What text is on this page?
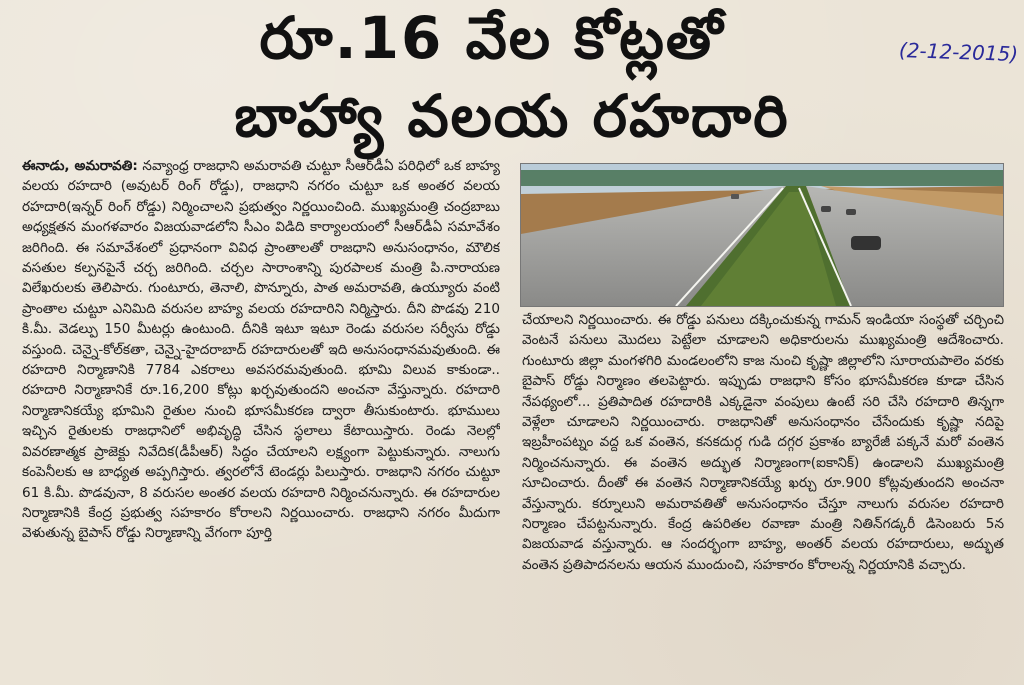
రూ.16 వేల కోట్లతో
బాహ్యా వలయ రహదారి
(2-12-2015)

ఈనాడు, అమరావతి: నవ్యాంధ్ర రాజధాని అమరావతి చుట్టూ సీఆర్‌డీఏ పరిధిలో ఒక బాహ్య వలయ రహదారి (అవుటర్ రింగ్ రోడ్డు), రాజధాని నగరం చుట్టూ ఒక అంతర వలయ రహదారి(ఇన్నర్ రింగ్ రోడ్డు) నిర్మించాలని ప్రభుత్వం నిర్ణయించింది. ముఖ్యమంత్రి చంద్రబాబు అధ్యక్షతన మంగళవారం విజయవాడలోని సీఎం విడిది కార్యాలయంలో సీఆర్‌డీఏ సమావేశం జరిగింది. ఈ సమావేశంలో ప్రధానంగా వివిధ ప్రాంతాలతో రాజధాని అనుసంధానం, మౌలిక వసతుల కల్పనపైనే చర్చ జరిగింది. చర్చల సారాంశాన్ని పురపాలక మంత్రి పి.నారాయణ విలేఖరులకు తెలిపారు. గుంటూరు, తెనాలి, పొన్నూరు, పాత అమరావతి, ఉయ్యూరు వంటి ప్రాంతాల చుట్టూ ఎనిమిది వరుసల బాహ్య వలయ రహదారిని నిర్మిస్తారు. దీని పొడవు 210 కి.మీ. వెడల్పు 150 మీటర్లు ఉంటుంది. దీనికి ఇటూ ఇటూ రెండు వరుసల సర్వీసు రోడ్డు వస్తుంది. చెన్నై-కోల్‌కతా, చెన్నై-హైదరాబాద్ రహదారులతో ఇది అనుసంధానమవుతుంది. ఈ రహదారి నిర్మాణానికి 7784 ఎకరాలు అవసరమవుతుంది. భూమి విలువ కాకుండా.. రహదారి నిర్మాణానికే రూ.16,200 కోట్లు ఖర్చవుతుందని అంచనా వేస్తున్నారు. రహదారి నిర్మాణానికయ్యే భూమిని రైతుల నుంచి భూసమీకరణ ద్వారా తీసుకుంటారు. భూములు ఇచ్చిన రైతులకు రాజధానిలో అభివృద్ధి చేసిన స్థలాలు కేటాయిస్తారు. రెండు నెలల్లో వివరణాత్మక ప్రాజెక్టు నివేదిక(డీపీఆర్) సిద్ధం చేయాలని లక్ష్యంగా పెట్టుకున్నారు. నాలుగు కంపెనీలకు ఆ బాధ్యత అప్పగిస్తారు. త్వరలోనే టెండర్లు పిలుస్తారు. రాజధాని నగరం చుట్టూ 61 కి.మీ. పొడవునా, 8 వరుసల అంతర వలయ రహదారి నిర్మించనున్నారు. ఈ రహదారుల నిర్మాణానికి కేంద్ర ప్రభుత్వ సహకారం కోరాలని నిర్ణయించారు. రాజధాని నగరం మీదుగా వెళుతున్న బైపాస్ రోడ్డు నిర్మాణాన్ని వేగంగా పూర్తి

చేయాలని నిర్ణయించారు. ఈ రోడ్డు పనులు దక్కించుకున్న గామన్ ఇండియా సంస్థతో చర్చించి వెంటనే పనులు మొదలు పెట్టేలా చూడాలని అధికారులను ముఖ్యమంత్రి ఆదేశించారు. గుంటూరు జిల్లా మంగళగిరి మండలంలోని కాజ నుంచి కృష్ణా జిల్లాలోని సూరాయపాలెం వరకు బైపాస్ రోడ్డు నిర్మాణం తలపెట్టారు. ఇప్పుడు రాజధాని కోసం భూసమీకరణ కూడా చేసిన నేపథ్యంలో... ప్రతిపాదిత రహదారికి ఎక్కడైనా వంపులు ఉంటే సరి చేసి రహదారి తిన్నగా వెళ్లేలా చూడాలని నిర్ణయించారు. రాజధానితో అనుసంధానం చేసేందుకు కృష్ణా నదిపై ఇబ్రహీంపట్నం వద్ద ఒక వంతెన, కనకదుర్గ గుడి దగ్గర ప్రకాశం బ్యారేజీ పక్కనే మరో వంతెన నిర్మించనున్నారు. ఈ వంతెన అద్భుత నిర్మాణంగా(ఐకానిక్) ఉండాలని ముఖ్యమంత్రి సూచించారు. దీంతో ఈ వంతెన నిర్మాణానికయ్యే ఖర్చు రూ.900 కోట్లవుతుందని అంచనా వేస్తున్నారు. కర్నూలుని అమరావతితో అనుసంధానం చేస్తూ నాలుగు వరుసల రహదారి నిర్మాణం చేపట్టనున్నారు. కేంద్ర ఉపరితల రవాణా మంత్రి నితిన్‌గడ్కరీ డిసెంబరు 5న విజయవాడ వస్తున్నారు. ఆ సందర్భంగా బాహ్య, అంతర్ వలయ రహదారులు, అద్భుత వంతెన ప్రతిపాదనలను ఆయన ముందుంచి, సహకారం కోరాలన్న నిర్ణయానికి వచ్చారు.
